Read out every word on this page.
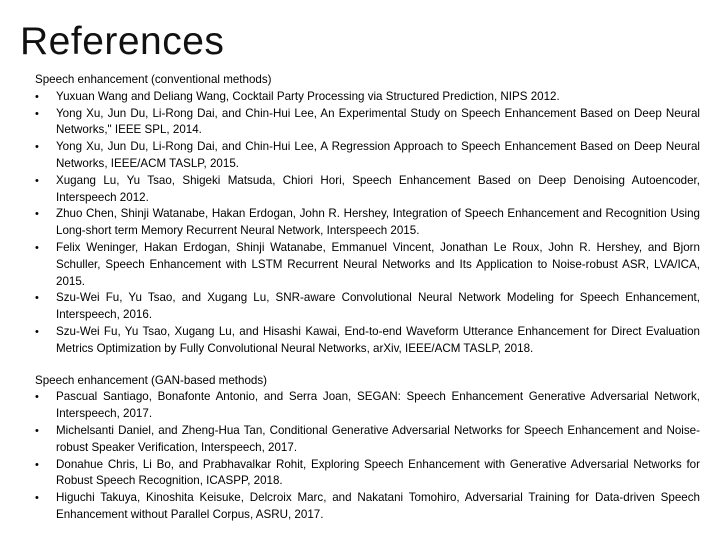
References
Speech enhancement (conventional methods)
• Yuxuan Wang and Deliang Wang, Cocktail Party Processing via Structured Prediction, NIPS 2012.
• Yong Xu, Jun Du, Li-Rong Dai, and Chin-Hui Lee, An Experimental Study on Speech Enhancement Based on Deep Neural Networks," IEEE SPL, 2014.
• Yong Xu, Jun Du, Li-Rong Dai, and Chin-Hui Lee, A Regression Approach to Speech Enhancement Based on Deep Neural Networks, IEEE/ACM TASLP, 2015.
• Xugang Lu, Yu Tsao, Shigeki Matsuda, Chiori Hori, Speech Enhancement Based on Deep Denoising Autoencoder, Interspeech 2012.
• Zhuo Chen, Shinji Watanabe, Hakan Erdogan, John R. Hershey, Integration of Speech Enhancement and Recognition Using Long-short term Memory Recurrent Neural Network, Interspeech 2015.
• Felix Weninger, Hakan Erdogan, Shinji Watanabe, Emmanuel Vincent, Jonathan Le Roux, John R. Hershey, and Bjorn Schuller, Speech Enhancement with LSTM Recurrent Neural Networks and Its Application to Noise-robust ASR, LVA/ICA, 2015.
• Szu-Wei Fu, Yu Tsao, and Xugang Lu, SNR-aware Convolutional Neural Network Modeling for Speech Enhancement, Interspeech, 2016.
• Szu-Wei Fu, Yu Tsao, Xugang Lu, and Hisashi Kawai, End-to-end Waveform Utterance Enhancement for Direct Evaluation Metrics Optimization by Fully Convolutional Neural Networks, arXiv, IEEE/ACM TASLP, 2018.
Speech enhancement (GAN-based methods)
• Pascual Santiago, Bonafonte Antonio, and Serra Joan, SEGAN: Speech Enhancement Generative Adversarial Network, Interspeech, 2017.
• Michelsanti Daniel, and Zheng-Hua Tan, Conditional Generative Adversarial Networks for Speech Enhancement and Noise-robust Speaker Verification, Interspeech, 2017.
• Donahue Chris, Li Bo, and Prabhavalkar Rohit, Exploring Speech Enhancement with Generative Adversarial Networks for Robust Speech Recognition, ICASPP, 2018.
• Higuchi Takuya, Kinoshita Keisuke, Delcroix Marc, and Nakatani Tomohiro, Adversarial Training for Data-driven Speech Enhancement without Parallel Corpus, ASRU, 2017.
